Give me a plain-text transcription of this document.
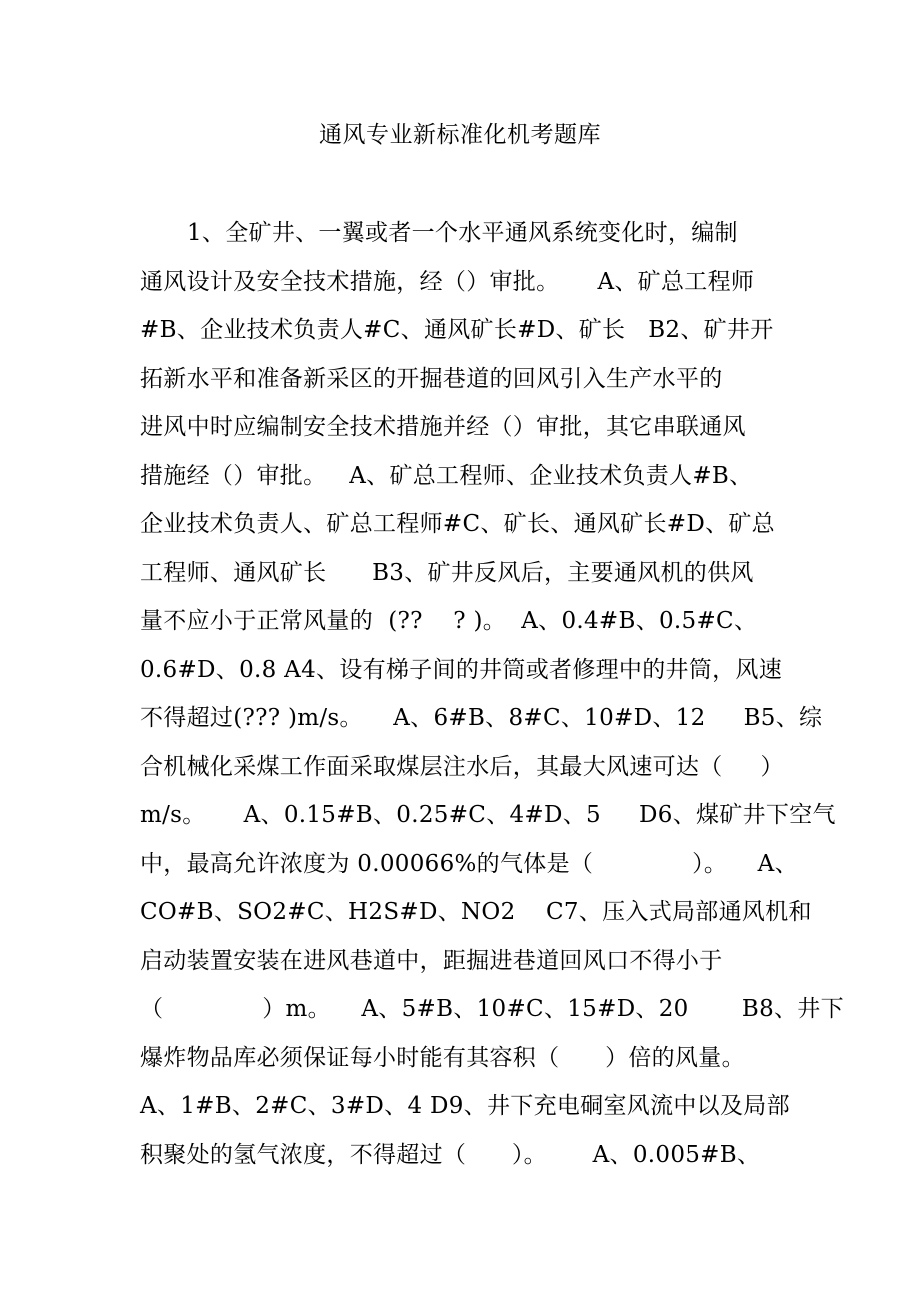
通风专业新标准化机考题库
1、全矿井、一翼或者一个水平通风系统变化时，编制
通风设计及安全技术措施，经（）审批。     A、矿总工程师
#B、企业技术负责人#C、通风矿长#D、矿长   B2、矿井开
拓新水平和准备新采区的开掘巷道的回风引入生产水平的
进风中时应编制安全技术措施并经（）审批，其它串联通风
措施经（）审批。   A、矿总工程师、企业技术负责人#B、
企业技术负责人、矿总工程师#C、矿长、通风矿长#D、矿总
工程师、通风矿长      B3、矿井反风后，主要通风机的供风
量不应小于正常风量的  (??    ? )。  A、0.4#B、0.5#C、
0.6#D、0.8 A4、设有梯子间的井筒或者修理中的井筒，风速
不得超过(??? )m/s。    A、6#B、8#C、10#D、12     B5、综
合机械化采煤工作面采取煤层注水后，其最大风速可达（     ）
m/s。     A、0.15#B、0.25#C、4#D、5     D6、煤矿井下空气
中，最高允许浓度为 0.00066%的气体是（             ）。    A、
CO#B、SO2#C、H2S#D、NO2    C7、压入式局部通风机和
启动装置安装在进风巷道中，距掘进巷道回风口不得小于
（             ）m。    A、5#B、10#C、15#D、20       B8、井下
爆炸物品库必须保证每小时能有其容积（      ）倍的风量。
A、1#B、2#C、3#D、4 D9、井下充电硐室风流中以及局部
积聚处的氢气浓度，不得超过（      ）。      A、0.005#B、
